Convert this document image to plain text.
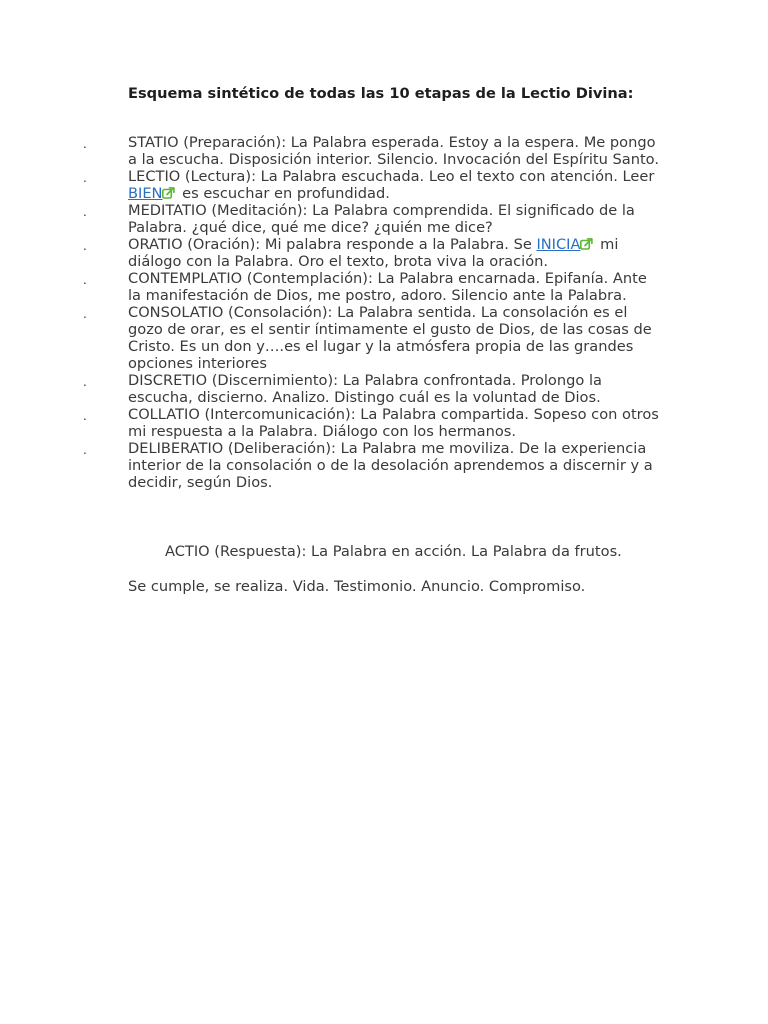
Esquema sintético de todas las 10 etapas de la Lectio Divina:
.	STATIO (Preparación): La Palabra esperada. Estoy a la espera. Me pongo a la escucha. Disposición interior. Silencio. Invocación del Espíritu Santo.
.	LECTIO (Lectura): La Palabra escuchada. Leo el texto con atención. Leer BIEN es escuchar en profundidad.
.	MEDITATIO (Meditación): La Palabra comprendida. El significado de la Palabra. ¿qué dice, qué me dice? ¿quién me dice?
.	ORATIO (Oración): Mi palabra responde a la Palabra. Se INICIA mi diálogo con la Palabra. Oro el texto, brota viva la oración.
.	CONTEMPLATIO (Contemplación): La Palabra encarnada. Epifanía. Ante la manifestación de Dios, me postro, adoro. Silencio ante la Palabra.
.	CONSOLATIO (Consolación): La Palabra sentida. La consolación es el gozo de orar, es el sentir íntimamente el gusto de Dios, de las cosas de Cristo. Es un don y….es el lugar y la atmósfera propia de las grandes opciones interiores
.	DISCRETIO (Discernimiento): La Palabra confrontada. Prolongo la escucha, discierno. Analizo. Distingo cuál es la voluntad de Dios.
.	COLLATIO (Intercomunicación): La Palabra compartida. Sopeso con otros mi respuesta a la Palabra. Diálogo con los hermanos.
.	DELIBERATIO (Deliberación): La Palabra me moviliza. De la experiencia interior de la consolación o de la desolación aprendemos a discernir y a decidir, según Dios.

ACTIO (Respuesta): La Palabra en acción. La Palabra da frutos.

Se cumple, se realiza. Vida. Testimonio. Anuncio. Compromiso.
